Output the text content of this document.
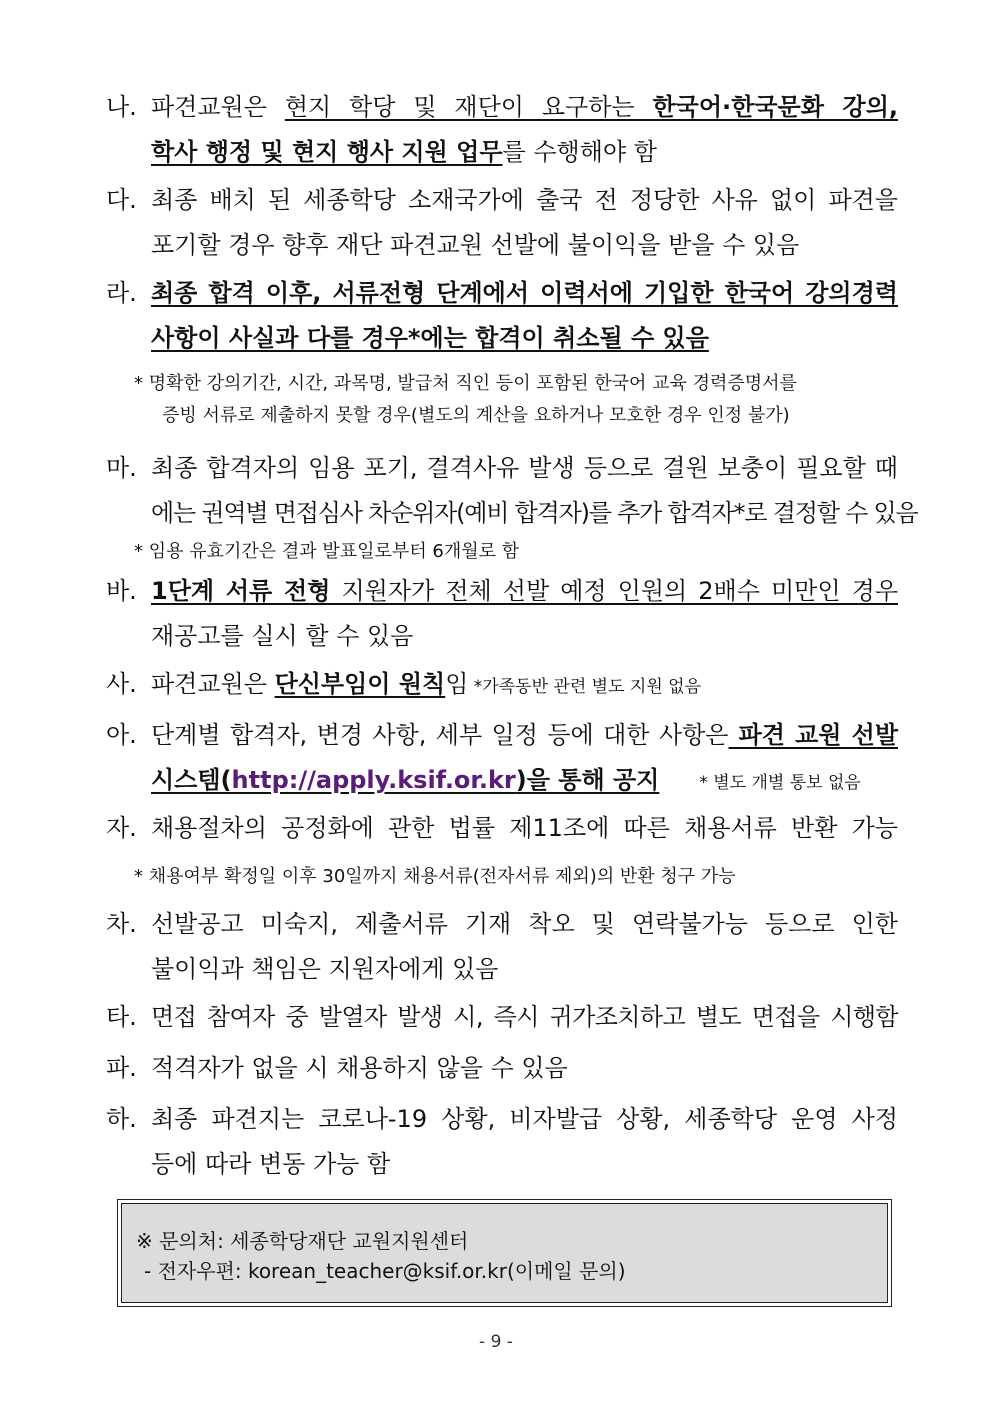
나. 파견교원은 현지 학당 및 재단이 요구하는 한국어·한국문화 강의,
학사 행정 및 현지 행사 지원 업무를 수행해야 함
다. 최종 배치 된 세종학당 소재국가에 출국 전 정당한 사유 없이 파견을
포기할 경우 향후 재단 파견교원 선발에 불이익을 받을 수 있음
라. 최종 합격 이후, 서류전형 단계에서 이력서에 기입한 한국어 강의경력
사항이 사실과 다를 경우*에는 합격이 취소될 수 있음
* 명확한 강의기간, 시간, 과목명, 발급처 직인 등이 포함된 한국어 교육 경력증명서를
증빙 서류로 제출하지 못할 경우(별도의 계산을 요하거나 모호한 경우 인정 불가)
마. 최종 합격자의 임용 포기, 결격사유 발생 등으로 결원 보충이 필요할 때
에는 권역별 면접심사 차순위자(예비 합격자)를 추가 합격자*로 결정할 수 있음
* 임용 유효기간은 결과 발표일로부터 6개월로 함
바. 1단계 서류 전형 지원자가 전체 선발 예정 인원의 2배수 미만인 경우
재공고를 실시 할 수 있음
사. 파견교원은 단신부임이 원칙임 *가족동반 관련 별도 지원 없음
아. 단계별 합격자, 변경 사항, 세부 일정 등에 대한 사항은 파견 교원 선발
시스템(http://apply.ksif.or.kr)을 통해 공지 * 별도 개별 통보 없음
자. 채용절차의 공정화에 관한 법률 제11조에 따른 채용서류 반환 가능
* 채용여부 확정일 이후 30일까지 채용서류(전자서류 제외)의 반환 청구 가능
차. 선발공고 미숙지, 제출서류 기재 착오 및 연락불가능 등으로 인한
불이익과 책임은 지원자에게 있음
타. 면접 참여자 중 발열자 발생 시, 즉시 귀가조치하고 별도 면접을 시행함
파. 적격자가 없을 시 채용하지 않을 수 있음
하. 최종 파견지는 코로나-19 상황, 비자발급 상황, 세종학당 운영 사정
등에 따라 변동 가능 함
※ 문의처: 세종학당재단 교원지원센터
- 전자우편: korean_teacher@ksif.or.kr(이메일 문의)
- 9 -
